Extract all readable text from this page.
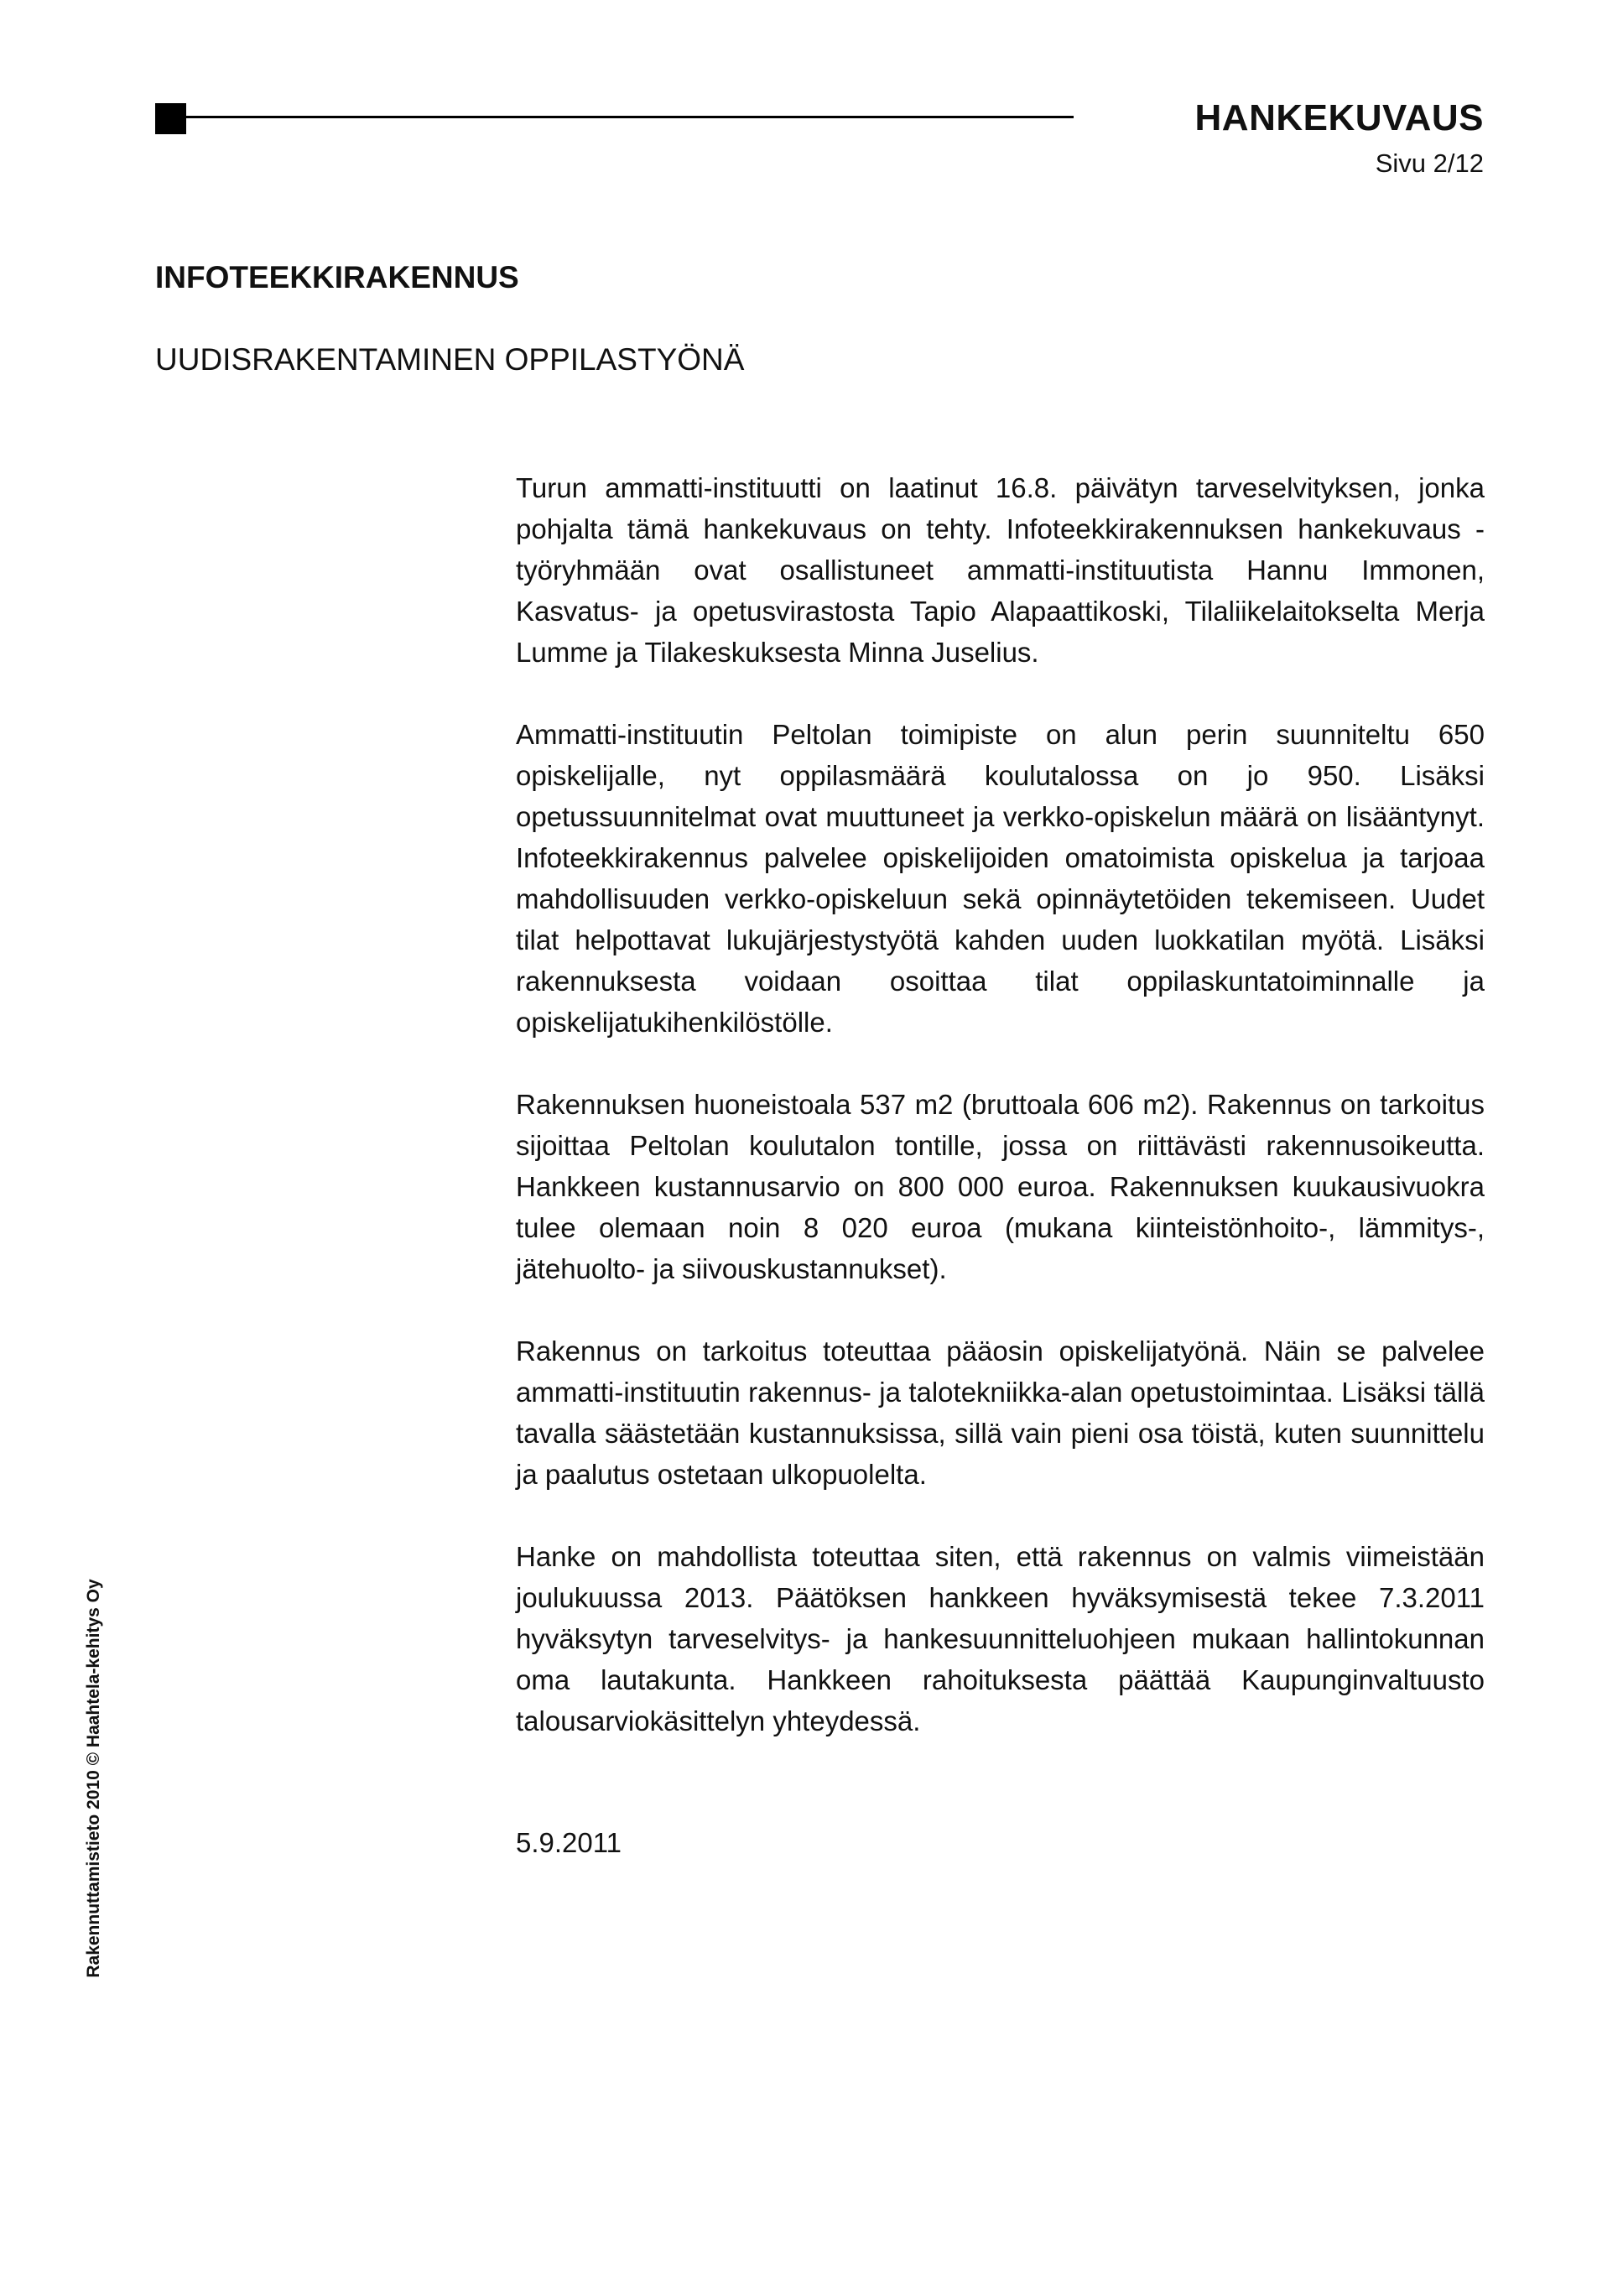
HANKEKUVAUS
Sivu 2/12
INFOTEEKKIRAKENNUS
UUDISRAKENTAMINEN OPPILASTYÖNÄ

Turun ammatti-instituutti on laatinut 16.8. päivätyn tarveselvityksen, jonka pohjalta tämä hankekuvaus on tehty. Infoteekkirakennuksen hankekuvaus -työryhmään ovat osallistuneet ammatti-instituutista Hannu Immonen, Kasvatus- ja opetusvirastosta Tapio Alapaattikoski, Tilaliikelaitokselta Merja Lumme ja Tilakeskuksesta Minna Juselius.

Ammatti-instituutin Peltolan toimipiste on alun perin suunniteltu 650 opiskelijalle, nyt oppilasmäärä koulutalossa on jo 950. Lisäksi opetussuunnitelmat ovat muuttuneet ja verkko-opiskelun määrä on lisääntynyt. Infoteekkirakennus palvelee opiskelijoiden omatoimista opiskelua ja tarjoaa mahdollisuuden verkko-opiskeluun sekä opinnäytetöiden tekemiseen. Uudet tilat helpottavat lukujärjestystyötä kahden uuden luokkatilan myötä. Lisäksi rakennuksesta voidaan osoittaa tilat oppilaskuntatoiminnalle ja opiskelijatukihenkilöstölle.

Rakennuksen huoneistoala 537 m2 (bruttoala 606 m2). Rakennus on tarkoitus sijoittaa Peltolan koulutalon tontille, jossa on riittävästi rakennusoikeutta. Hankkeen kustannusarvio on 800 000 euroa. Rakennuksen kuukausivuokra tulee olemaan noin 8 020 euroa (mukana kiinteistönhoito-, lämmitys-, jätehuolto- ja siivouskustannukset).

Rakennus on tarkoitus toteuttaa pääosin opiskelijatyönä. Näin se palvelee ammatti-instituutin rakennus- ja talotekniikka-alan opetustoimintaa. Lisäksi tällä tavalla säästetään kustannuksissa, sillä vain pieni osa töistä, kuten suunnittelu ja paalutus ostetaan ulkopuolelta.

Hanke on mahdollista toteuttaa siten, että rakennus on valmis viimeistään joulukuussa 2013. Päätöksen hankkeen hyväksymisestä tekee 7.3.2011 hyväksytyn tarveselvitys- ja hankesuunnitteluohjeen mukaan hallintokunnan oma lautakunta. Hankkeen rahoituksesta päättää Kaupunginvaltuusto talousarviokäsittelyn yhteydessä.

5.9.2011
Rakennuttamistieto 2010 © Haahtela-kehitys Oy
